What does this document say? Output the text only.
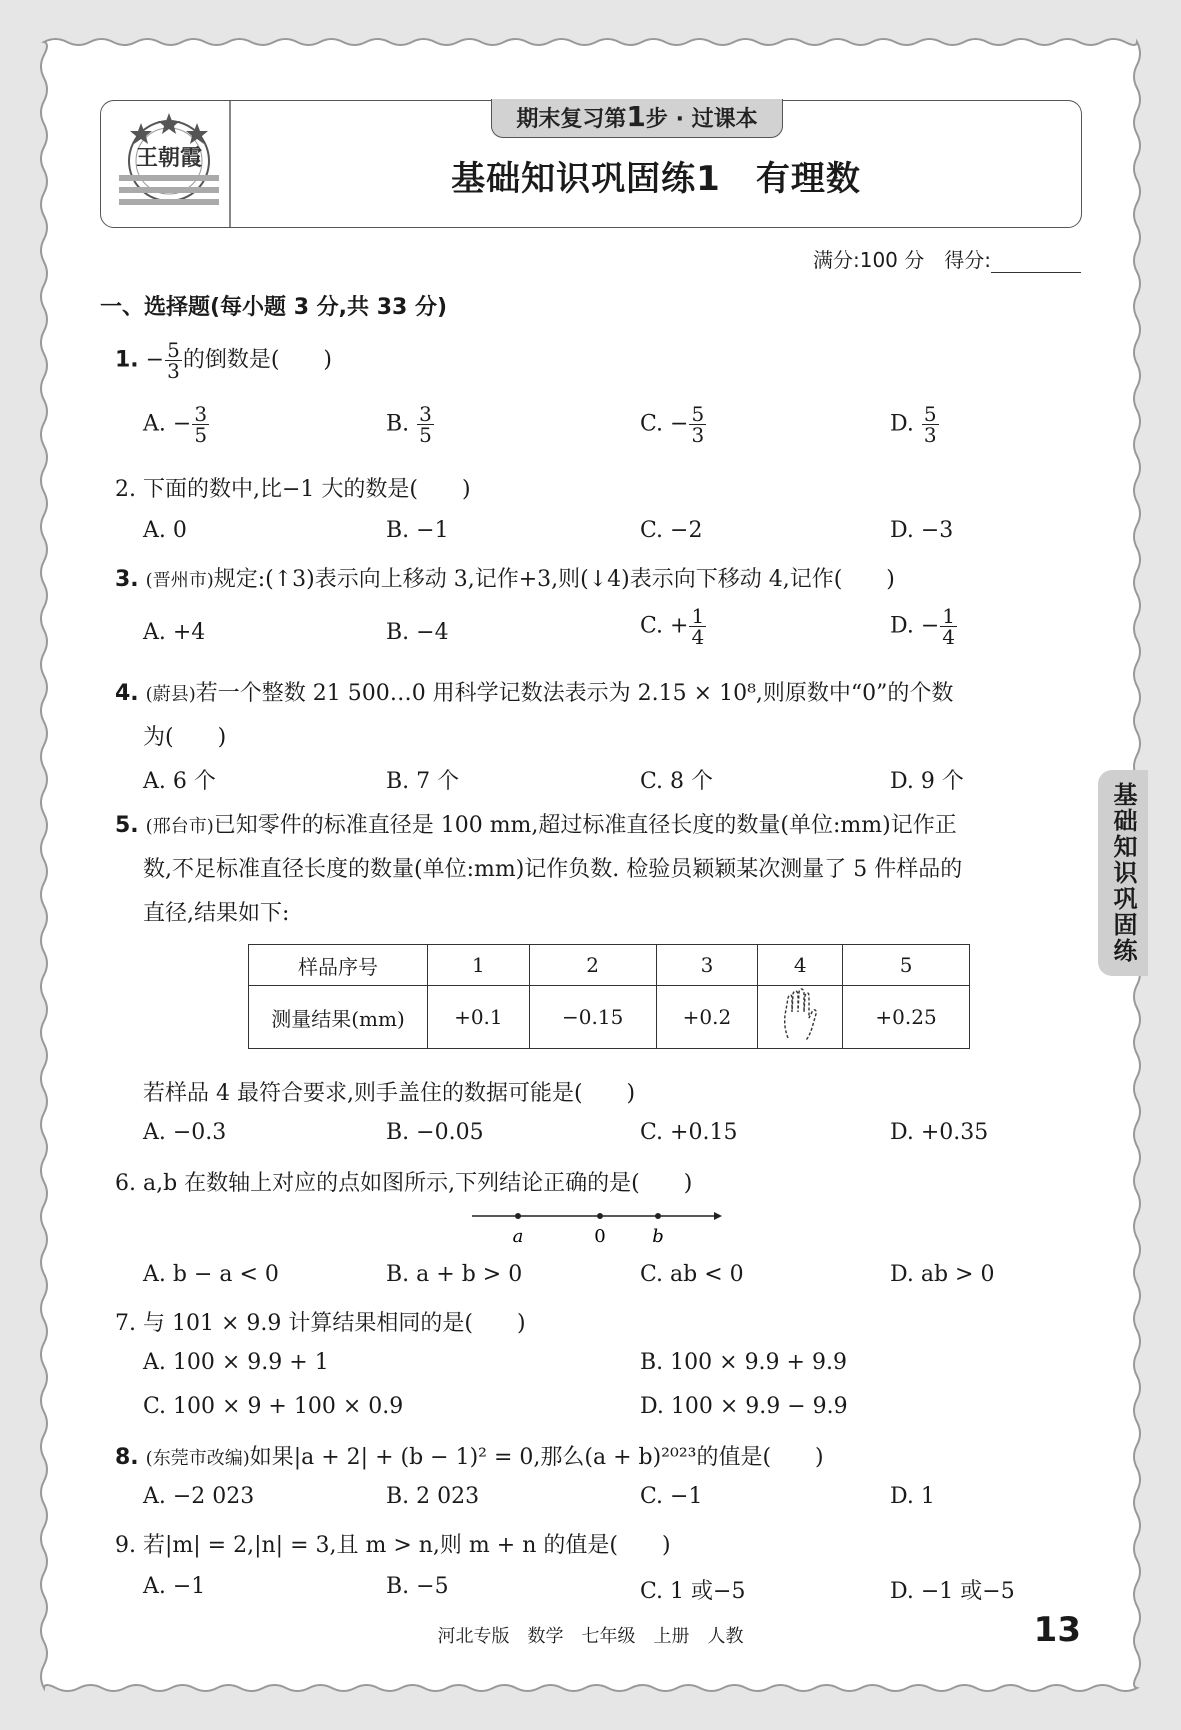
王朝霞
期末复习第1步 · 过课本
基础知识巩固练1　有理数
满分:100 分　得分:
一、选择题(每小题 3 分,共 33 分)
1. − $\frac{5}{3}$ 的倒数是(　　)
A. − $\frac{3}{5}$	B. $\frac{3}{5}$	C. − $\frac{5}{3}$	D. $\frac{5}{3}$
2. 下面的数中,比−1 大的数是(　　)
A. 0	B. −1	C. −2	D. −3
3. (晋州市)规定:(↑3)表示向上移动 3,记作+3,则(↓4)表示向下移动 4,记作(　　)
A. +4	B. −4	C. + $\frac{1}{4}$	D. − $\frac{1}{4}$
4. (蔚县)若一个整数 21 500…0 用科学记数法表示为 2.15 × 10⁸,则原数中“0”的个数
为(　　)
A. 6 个	B. 7 个	C. 8 个	D. 9 个
5. (邢台市)已知零件的标准直径是 100 mm,超过标准直径长度的数量(单位:mm)记作正
数,不足标准直径长度的数量(单位:mm)记作负数. 检验员颖颖某次测量了 5 件样品的
直径,结果如下:
样品序号	1	2	3	4	5
测量结果(mm)	+0.1	−0.15	+0.2		+0.25
若样品 4 最符合要求,则手盖住的数据可能是(　　)
A. −0.3	B. −0.05	C. +0.15	D. +0.35
6. a,b 在数轴上对应的点如图所示,下列结论正确的是(　　)
a	0	b
A. b − a < 0	B. a + b > 0	C. ab < 0	D. ab > 0
7. 与 101 × 9.9 计算结果相同的是(　　)
A. 100 × 9.9 + 1	B. 100 × 9.9 + 9.9
C. 100 × 9 + 100 × 0.9	D. 100 × 9.9 − 9.9
8. (东莞市改编)如果|a + 2| + (b − 1)² = 0,那么(a + b)²⁰²³的值是(　　)
A. −2 023	B. 2 023	C. −1	D. 1
9. 若|m| = 2,|n| = 3,且 m > n,则 m + n 的值是(　　)
A. −1	B. −5	C. 1 或−5	D. −1 或−5
基础知识巩固练
河北专版　数学　七年级　上册　人教	13
